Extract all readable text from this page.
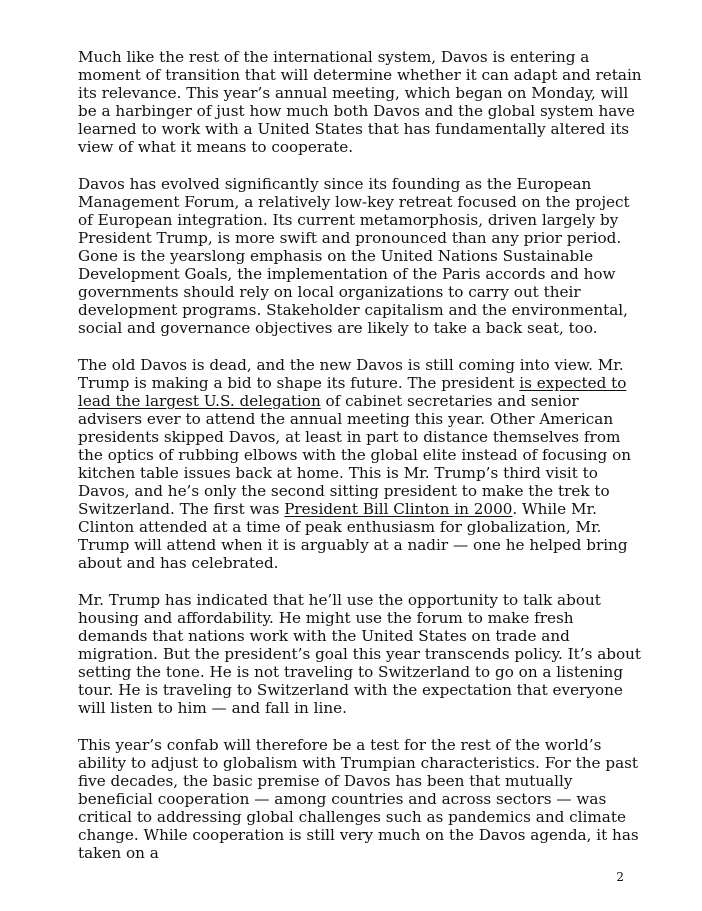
Much like the rest of the international system, Davos is entering a moment of transition that will determine whether it can adapt and retain its relevance. This year’s annual meeting, which began on Monday, will be a harbinger of just how much both Davos and the global system have learned to work with a United States that has fundamentally altered its view of what it means to cooperate.

Davos has evolved significantly since its founding as the European Management Forum, a relatively low-key retreat focused on the project of European integration. Its current metamorphosis, driven largely by President Trump, is more swift and pronounced than any prior period. Gone is the yearslong emphasis on the United Nations Sustainable Development Goals, the implementation of the Paris accords and how governments should rely on local organizations to carry out their development programs. Stakeholder capitalism and the environmental, social and governance objectives are likely to take a back seat, too.

The old Davos is dead, and the new Davos is still coming into view. Mr. Trump is making a bid to shape its future. The president is expected to lead the largest U.S. delegation of cabinet secretaries and senior advisers ever to attend the annual meeting this year. Other American presidents skipped Davos, at least in part to distance themselves from the optics of rubbing elbows with the global elite instead of focusing on kitchen table issues back at home. This is Mr. Trump’s third visit to Davos, and he’s only the second sitting president to make the trek to Switzerland. The first was President Bill Clinton in 2000. While Mr. Clinton attended at a time of peak enthusiasm for globalization, Mr. Trump will attend when it is arguably at a nadir — one he helped bring about and has celebrated.

Mr. Trump has indicated that he’ll use the opportunity to talk about housing and affordability. He might use the forum to make fresh demands that nations work with the United States on trade and migration. But the president’s goal this year transcends policy. It’s about setting the tone. He is not traveling to Switzerland to go on a listening tour. He is traveling to Switzerland with the expectation that everyone will listen to him — and fall in line.

This year’s confab will therefore be a test for the rest of the world’s ability to adjust to globalism with Trumpian characteristics. For the past five decades, the basic premise of Davos has been that mutually beneficial cooperation — among countries and across sectors — was critical to addressing global challenges such as pandemics and climate change. While cooperation is still very much on the Davos agenda, it has taken on a

2
